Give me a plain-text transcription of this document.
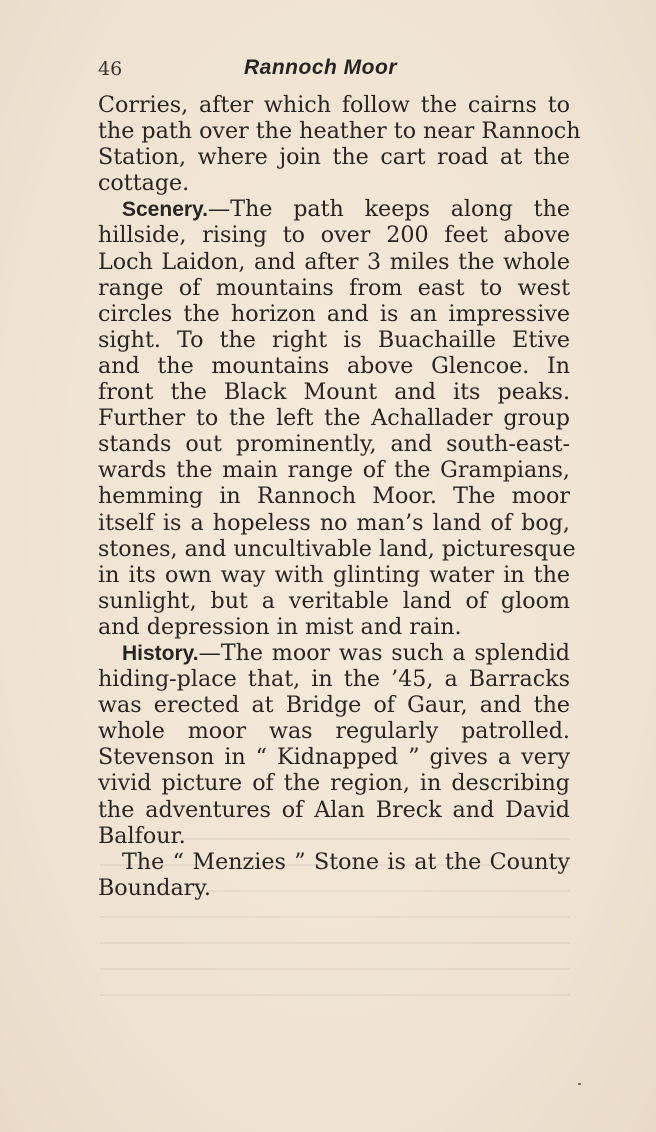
46	Rannoch Moor
Corries, after which follow the cairns to
the path over the heather to near Rannoch
Station, where join the cart road at the
cottage.
Scenery.—The path keeps along the
hillside, rising to over 200 feet above
Loch Laidon, and after 3 miles the whole
range of mountains from east to west
circles the horizon and is an impressive
sight. To the right is Buachaille Etive
and the mountains above Glencoe. In
front the Black Mount and its peaks.
Further to the left the Achallader group
stands out prominently, and south-east-
wards the main range of the Grampians,
hemming in Rannoch Moor. The moor
itself is a hopeless no man’s land of bog,
stones, and uncultivable land, picturesque
in its own way with glinting water in the
sunlight, but a veritable land of gloom
and depression in mist and rain.
History.—The moor was such a splendid
hiding-place that, in the ’45, a Barracks
was erected at Bridge of Gaur, and the
whole moor was regularly patrolled.
Stevenson in “ Kidnapped ” gives a very
vivid picture of the region, in describing
the adventures of Alan Breck and David
Balfour.
The “ Menzies ” Stone is at the County
Boundary.
